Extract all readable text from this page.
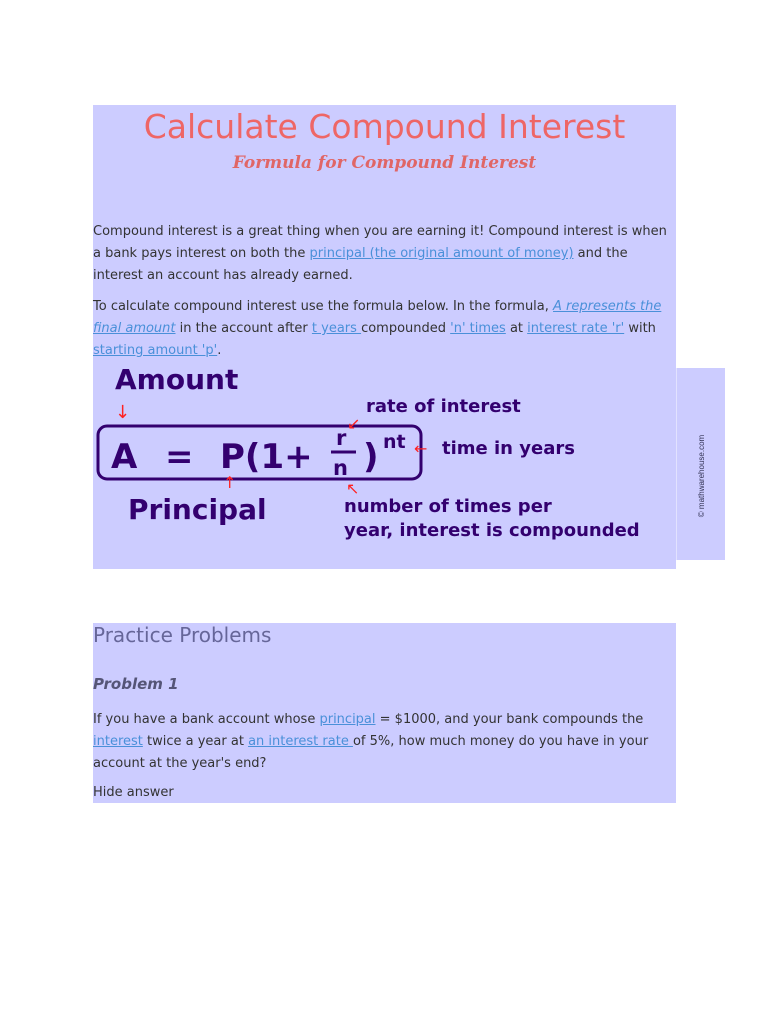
Calculate Compound Interest
Formula for Compound Interest

Compound interest is a great thing when you are earning it! Compound interest is when a bank pays interest on both the principal (the original amount of money) and the interest an account has already earned.

To calculate compound interest use the formula below. In the formula, A represents the final amount in the account after t years compounded 'n' times at interest rate 'r' with starting amount 'p'.

Amount
↓
A = P(1+ r
n ) nt
↙
rate of interest
← time in years
↑
Principal
↖
number of times per
year, interest is compounded
© mathwarehouse.com
Practice Problems
Problem 1

If you have a bank account whose principal = $1000, and your bank compounds the interest twice a year at an interest rate of 5%, how much money do you have in your account at the year's end?

Hide answer
